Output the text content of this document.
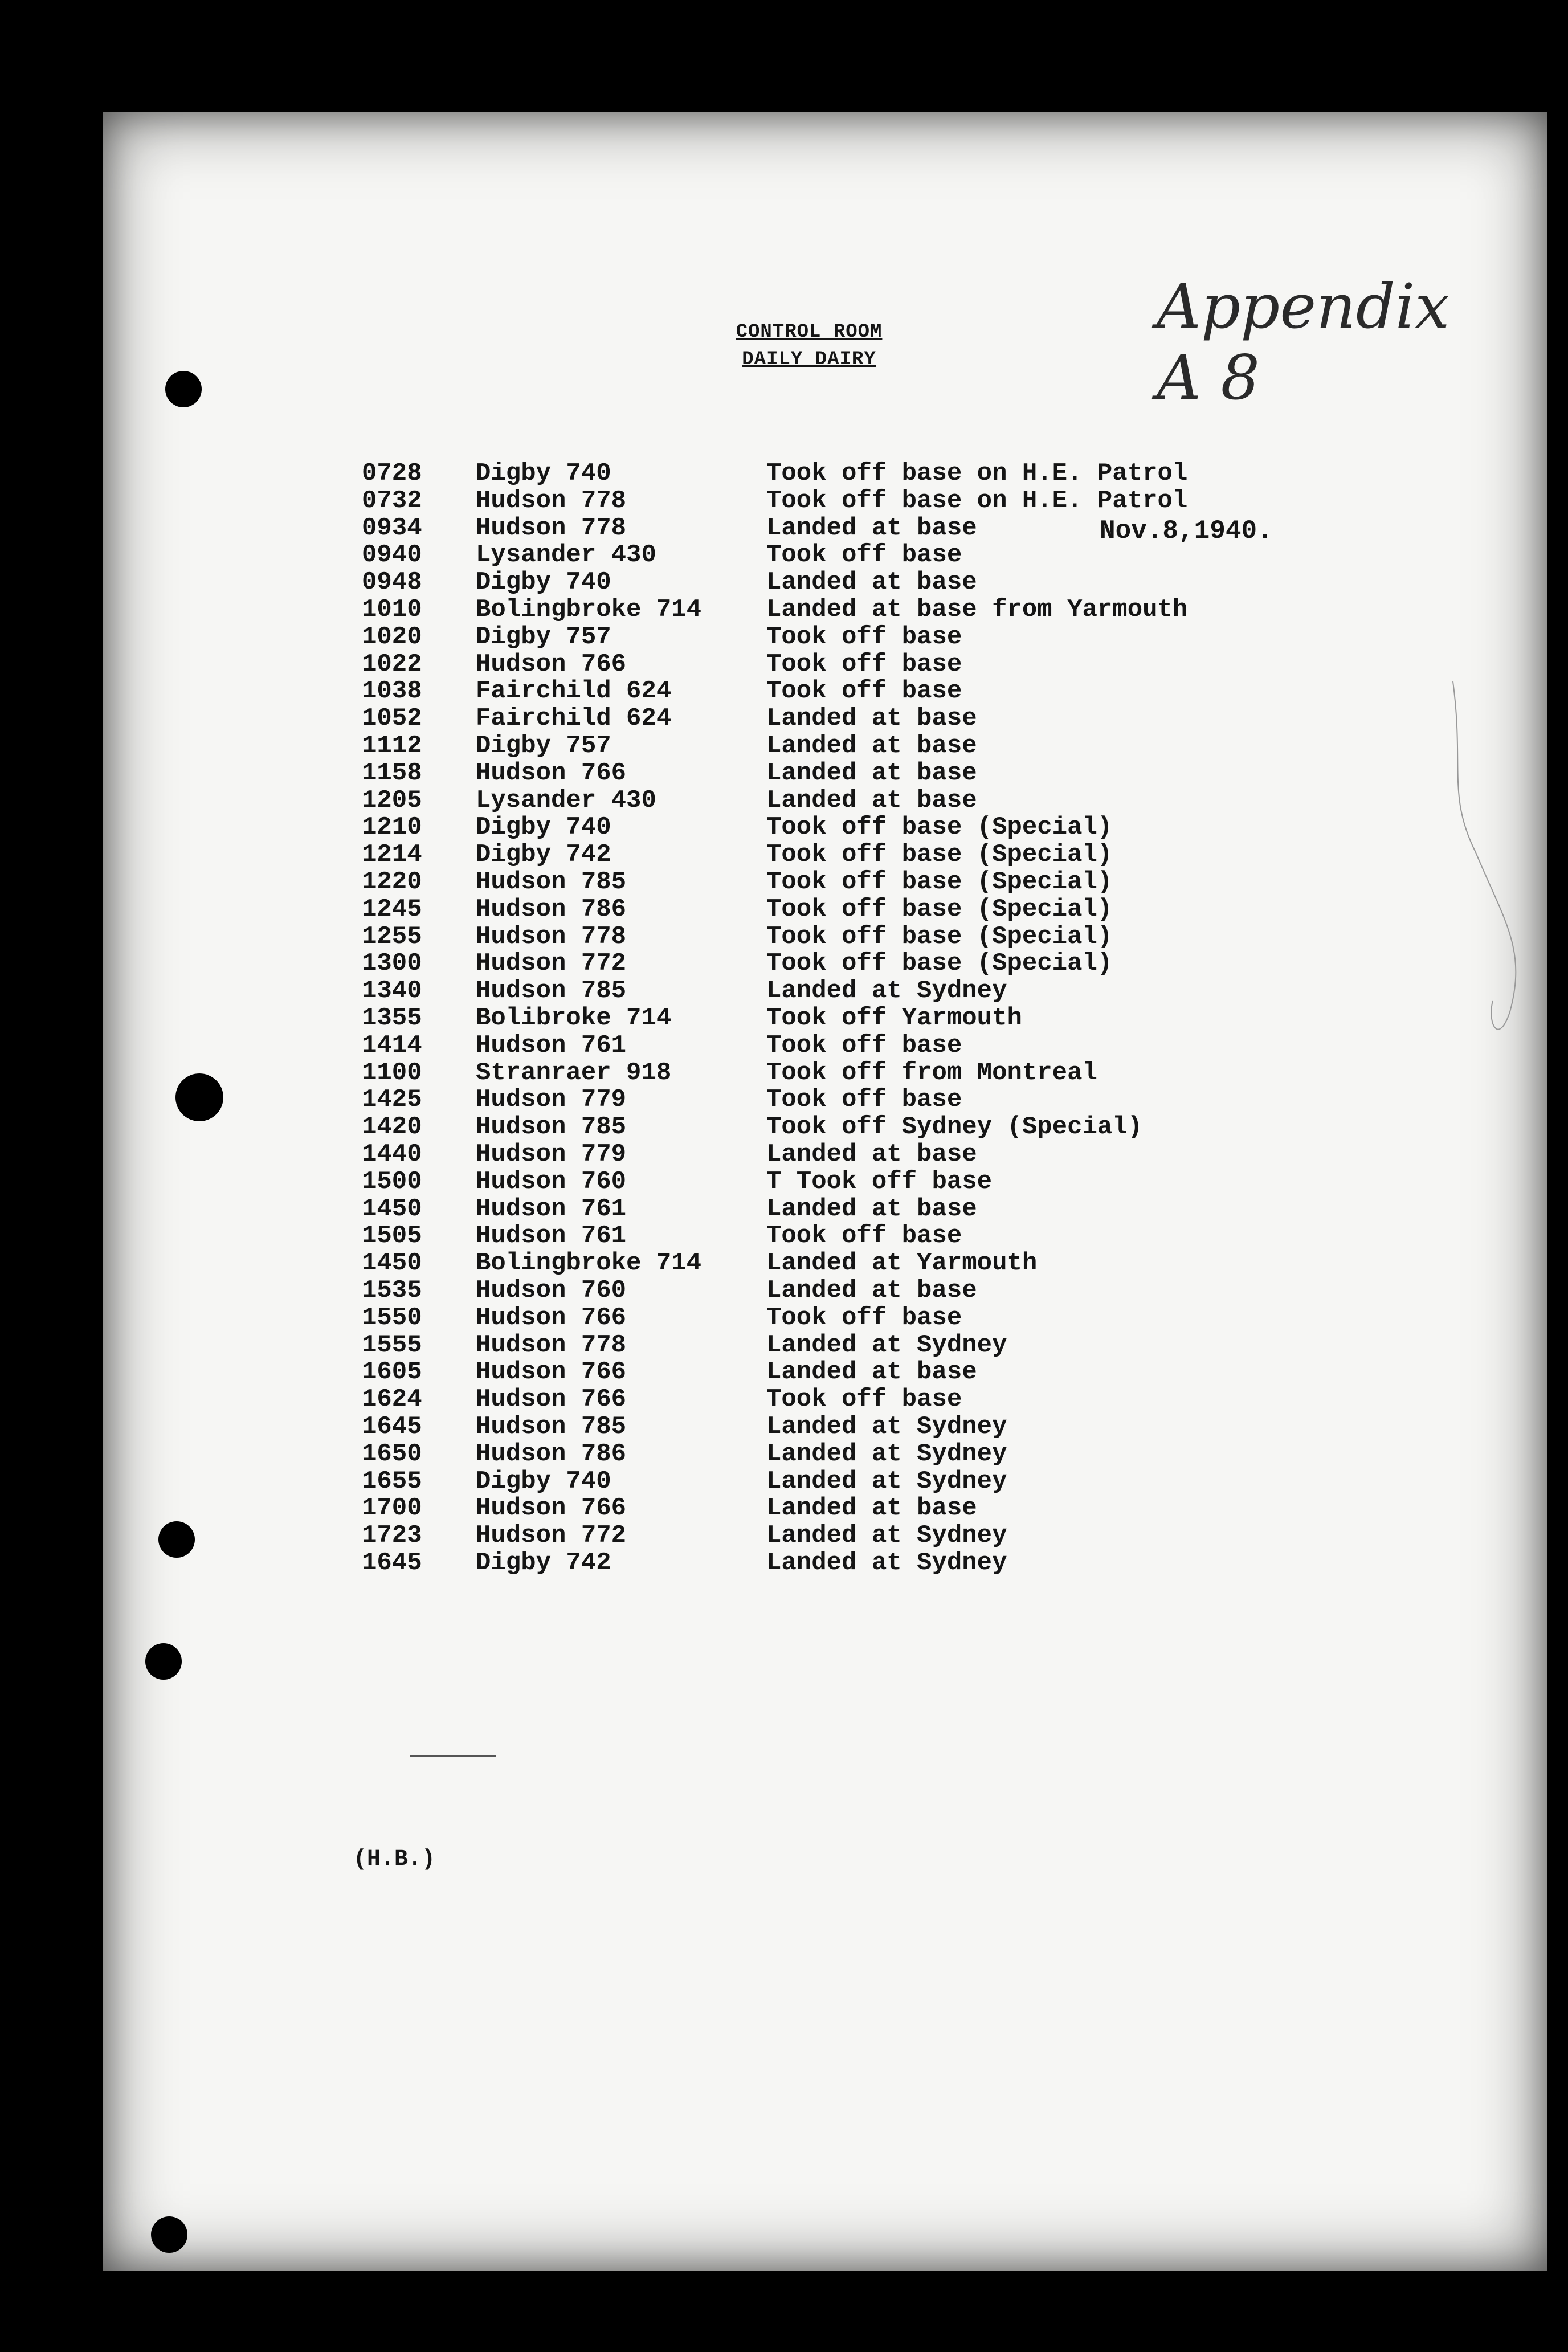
Appendix A 8
CONTROL ROOM
DAILY DAIRY
Nov.8,1940.
0728 Digby 740	Took off base on H.E. Patrol
0732 Hudson 778	Took off base on H.E. Patrol
0934 Hudson 778	Landed at base
0940 Lysander 430	Took off base
0948 Digby 740	Landed at base
1010 Bolingbroke 714	Landed at base from Yarmouth
1020 Digby 757	Took off base
1022 Hudson 766	Took off base
1038 Fairchild 624	Took off base
1052 Fairchild 624	Landed at base
1112 Digby 757	Landed at base
1158 Hudson 766	Landed at base
1205 Lysander 430	Landed at base
1210 Digby 740	Took off base (Special)
1214 Digby 742	Took off base (Special)
1220 Hudson 785	Took off base (Special)
1245 Hudson 786	Took off base (Special)
1255 Hudson 778	Took off base (Special)
1300 Hudson 772	Took off base (Special)
1340 Hudson 785	Landed at Sydney
1355 Bolibroke 714	Took off Yarmouth
1414 Hudson 761	Took off base
1100 Stranraer 918	Took off from Montreal
1425 Hudson 779	Took off base
1420 Hudson 785	Took off Sydney (Special)
1440 Hudson 779	Landed at base
1500 Hudson 760	T Took off base
1450 Hudson 761	Landed at base
1505 Hudson 761	Took off base
1450 Bolingbroke 714	Landed at Yarmouth
1535 Hudson 760	Landed at base
1550 Hudson 766	Took off base
1555 Hudson 778	Landed at Sydney
1605 Hudson 766	Landed at base
1624 Hudson 766	Took off base
1645 Hudson 785	Landed at Sydney
1650 Hudson 786	Landed at Sydney
1655 Digby 740	Landed at Sydney
1700 Hudson 766	Landed at base
1723 Hudson 772	Landed at Sydney
1645 Digby 742	Landed at Sydney
(H.B.)
